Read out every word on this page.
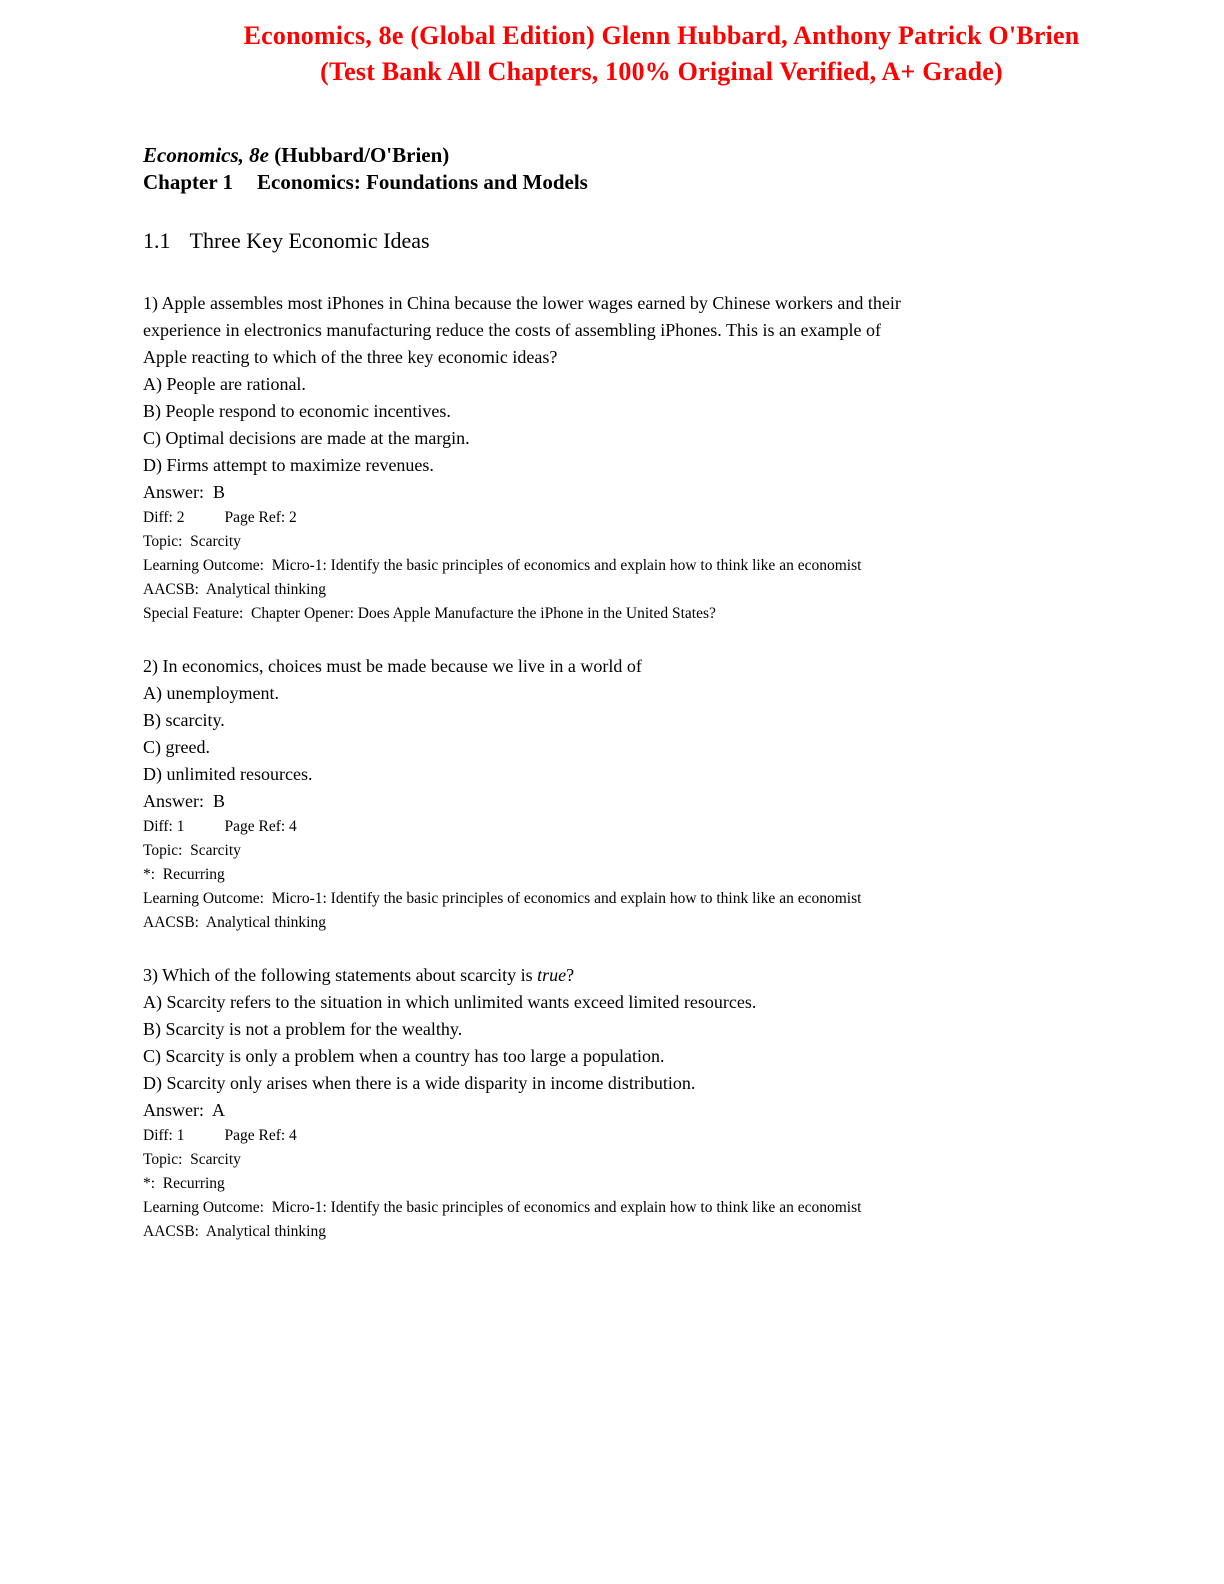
Economics, 8e (Global Edition) Glenn Hubbard, Anthony Patrick O'Brien
(Test Bank All Chapters, 100% Original Verified, A+ Grade)
Economics, 8e (Hubbard/O'Brien)
Chapter 1 Economics: Foundations and Models
1.1 Three Key Economic Ideas
1) Apple assembles most iPhones in China because the lower wages earned by Chinese workers and their
experience in electronics manufacturing reduce the costs of assembling iPhones. This is an example of
Apple reacting to which of the three key economic ideas?
A) People are rational.
B) People respond to economic incentives.
C) Optimal decisions are made at the margin.
D) Firms attempt to maximize revenues.
Answer:  B
Diff: 2	Page Ref: 2
Topic:  Scarcity
Learning Outcome:  Micro-1: Identify the basic principles of economics and explain how to think like an economist
AACSB:  Analytical thinking
Special Feature:  Chapter Opener: Does Apple Manufacture the iPhone in the United States?
2) In economics, choices must be made because we live in a world of
A) unemployment.
B) scarcity.
C) greed.
D) unlimited resources.
Answer:  B
Diff: 1	Page Ref: 4
Topic:  Scarcity
*:  Recurring
Learning Outcome:  Micro-1: Identify the basic principles of economics and explain how to think like an economist
AACSB:  Analytical thinking
3) Which of the following statements about scarcity is true?
A) Scarcity refers to the situation in which unlimited wants exceed limited resources.
B) Scarcity is not a problem for the wealthy.
C) Scarcity is only a problem when a country has too large a population.
D) Scarcity only arises when there is a wide disparity in income distribution.
Answer:  A
Diff: 1	Page Ref: 4
Topic:  Scarcity
*:  Recurring
Learning Outcome:  Micro-1: Identify the basic principles of economics and explain how to think like an economist
AACSB:  Analytical thinking
